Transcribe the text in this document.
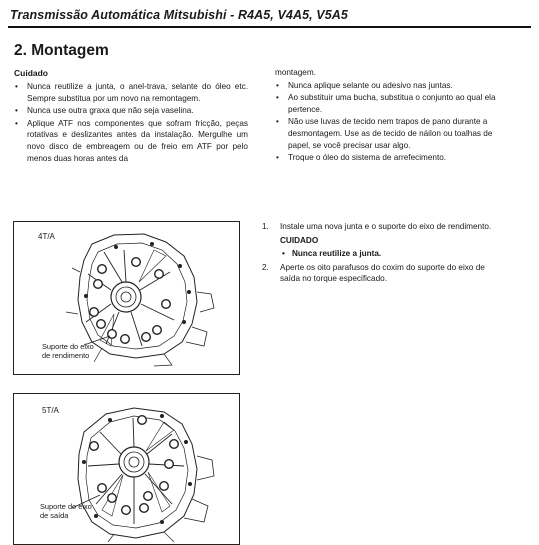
Transmissão Automática Mitsubishi - R4A5, V4A5, V5A5
2. Montagem
Cuidado
• Nunca reutilize a junta, o anel-trava, selante do óleo etc. Sempre substitua por um novo na remontagem.
• Nunca use outra graxa que não seja vaselina.
• Aplique ATF nos componentes que sofram fricção, peças rotativas e deslizantes antes da instalação. Mergulhe um novo disco de embreagem ou de freio em ATF por pelo menos duas horas antes da
montagem.
• Nunca aplique selante ou adesivo nas juntas.
• Ao substituir uma bucha, substitua o conjunto ao qual ela pertence.
• Não use luvas de tecido nem trapos de pano durante a desmontagem. Use as de tecido de náilon ou toalhas de papel, se você precisar usar algo.
• Troque o óleo do sistema de arrefecimento.
1. Instale uma nova junta e o suporte do eixo de rendimento.
CUIDADO
• Nunca reutilize a junta.
2. Aperte os oito parafusos do coxim do suporte do eixo de saída no torque especificado.
4T/A
Suporte do eixo
de rendimento
5T/A
Suporte do eixo
de saída
